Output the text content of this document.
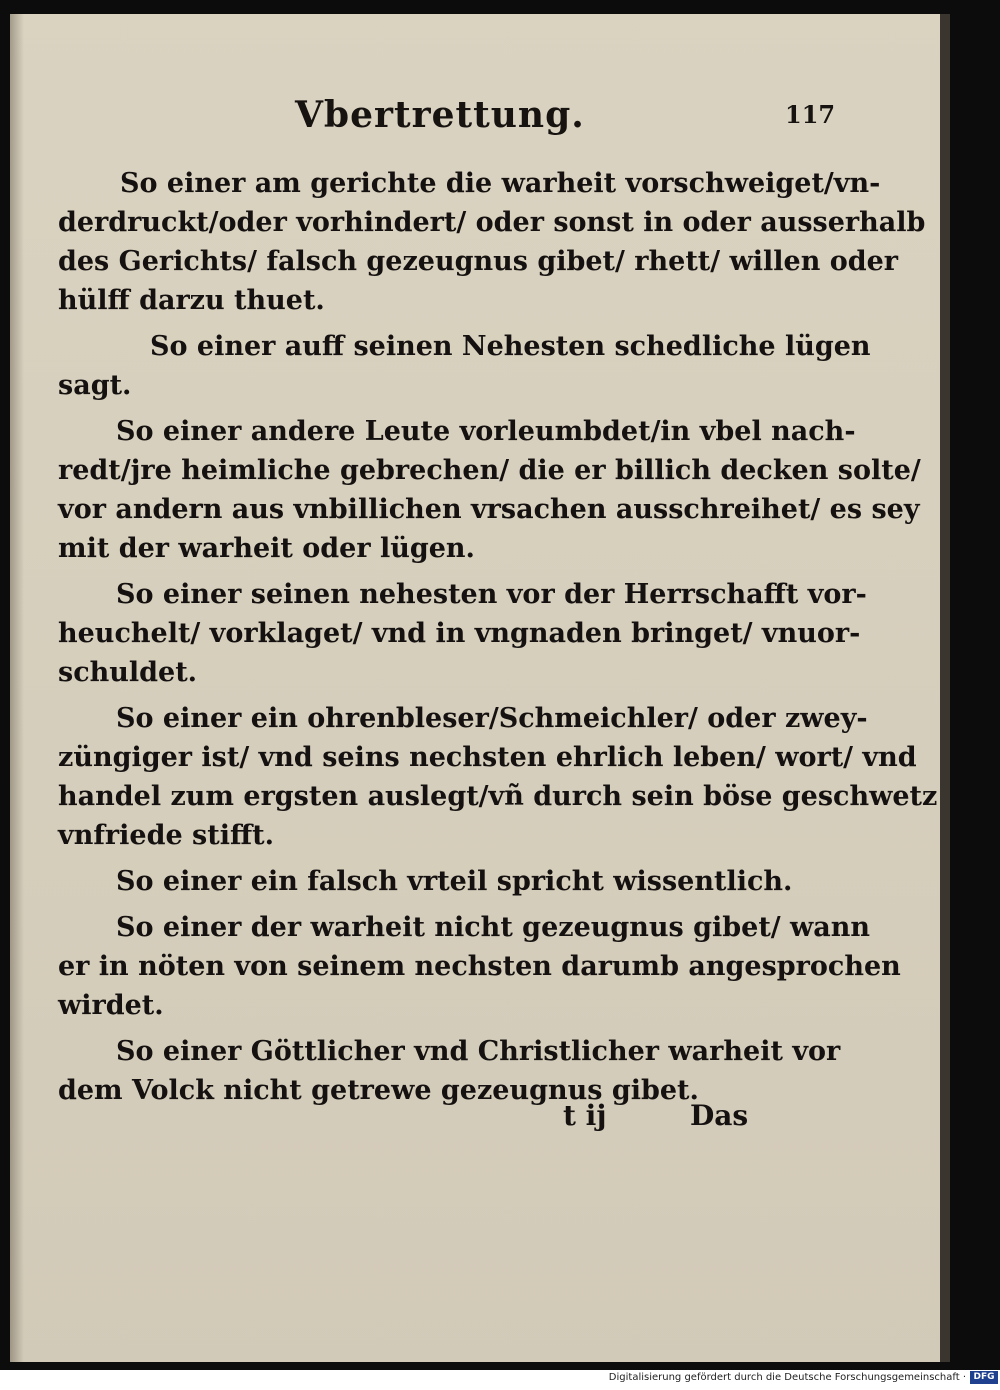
Vbertrettung.	117

So einer am gerichte die warheit vorschweiget/vn-
derdruckt/oder vorhindert/ oder sonst in oder ausserhalb
des Gerichts/ falsch gezeugnus gibet/ rhett/ willen oder
hülff darzu thuet.

So einer auff seinen Nehesten schedliche lügen
sagt.

So einer andere Leute vorleumbdet/in vbel nach-
redt/jre heimliche gebrechen/ die er billich decken solte/
vor andern aus vnbillichen vrsachen ausschreihet/ es sey
mit der warheit oder lügen.

So einer seinen nehesten vor der Herrschafft vor-
heuchelt/ vorklaget/ vnd in vngnaden bringet/ vnuor-
schuldet.

So einer ein ohrenbleser/Schmeichler/ oder zwey-
züngiger ist/ vnd seins nechsten ehrlich leben/ wort/ vnd
handel zum ergsten auslegt/vñ durch sein böse geschwetz
vnfriede stifft.

So einer ein falsch vrteil spricht wissentlich.

So einer der warheit nicht gezeugnus gibet/ wann
er in nöten von seinem nechsten darumb angesprochen
wirdet.

So einer Göttlicher vnd Christlicher warheit vor
dem Volck nicht getrewe gezeugnus gibet.

t ij	Das
Digitalisierung gefördert durch die Deutsche Forschungsgemeinschaft · DFG
